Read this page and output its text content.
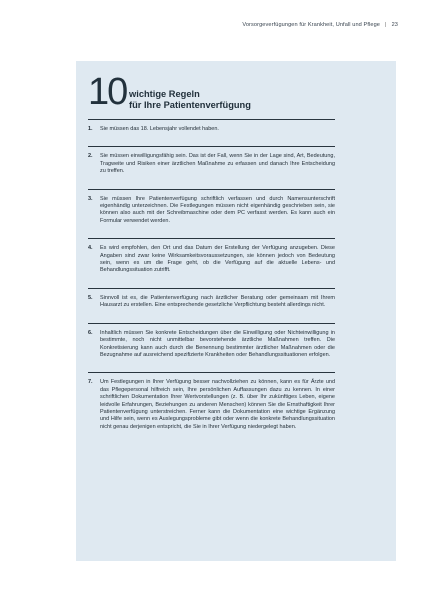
Vorsorgeverfügungen für Krankheit, Unfall und Pflege | 23
10 wichtige Regeln
für Ihre Patientenverfügung
1. Sie müssen das 18. Lebensjahr vollendet haben.
2. Sie müssen einwilligungsfähig sein. Das ist der Fall, wenn Sie in der Lage sind, Art, Bedeutung, Tragweite und Risiken einer ärztlichen Maßnahme zu erfassen und danach Ihre Entscheidung zu treffen.
3. Sie müssen Ihre Patientenverfügung schriftlich verfassen und durch Namensunterschrift eigenhändig unterzeichnen. Die Festlegungen müssen nicht eigenhändig geschrieben sein, sie können also auch mit der Schreibmaschine oder dem PC verfasst werden. Es kann auch ein Formular verwendet werden.
4. Es wird empfohlen, den Ort und das Datum der Erstellung der Verfügung anzugeben. Diese Angaben sind zwar keine Wirksamkeitsvoraussetzungen, sie können jedoch von Bedeutung sein, wenn es um die Frage geht, ob die Verfügung auf die aktuelle Lebens- und Behandlungssituation zutrifft.
5. Sinnvoll ist es, die Patientenverfügung nach ärztlicher Beratung oder gemeinsam mit Ihrem Hausarzt zu erstellen. Eine entsprechende gesetzliche Verpflichtung besteht allerdings nicht.
6. Inhaltlich müssen Sie konkrete Entscheidungen über die Einwilligung oder Nichteinwilligung in bestimmte, noch nicht unmittelbar bevorstehende ärztliche Maßnahmen treffen. Die Konkretisierung kann auch durch die Benennung bestimmter ärztlicher Maßnahmen oder die Bezugnahme auf ausreichend spezifizierte Krankheiten oder Behandlungssituationen erfolgen.
7. Um Festlegungen in Ihrer Verfügung besser nachvollziehen zu können, kann es für Ärzte und das Pflegepersonal hilfreich sein, Ihre persönlichen Auffassungen dazu zu kennen. In einer schriftlichen Dokumentation Ihrer Wertvorstellungen (z. B. über Ihr zukünftiges Leben, eigene leidvolle Erfahrungen, Beziehungen zu anderen Menschen) können Sie die Ernsthaftigkeit Ihrer Patientenverfügung unterstreichen. Ferner kann die Dokumentation eine wichtige Ergänzung und Hilfe sein, wenn es Auslegungsprobleme gibt oder wenn die konkrete Behandlungssituation nicht genau derjenigen entspricht, die Sie in Ihrer Verfügung niedergelegt haben.
